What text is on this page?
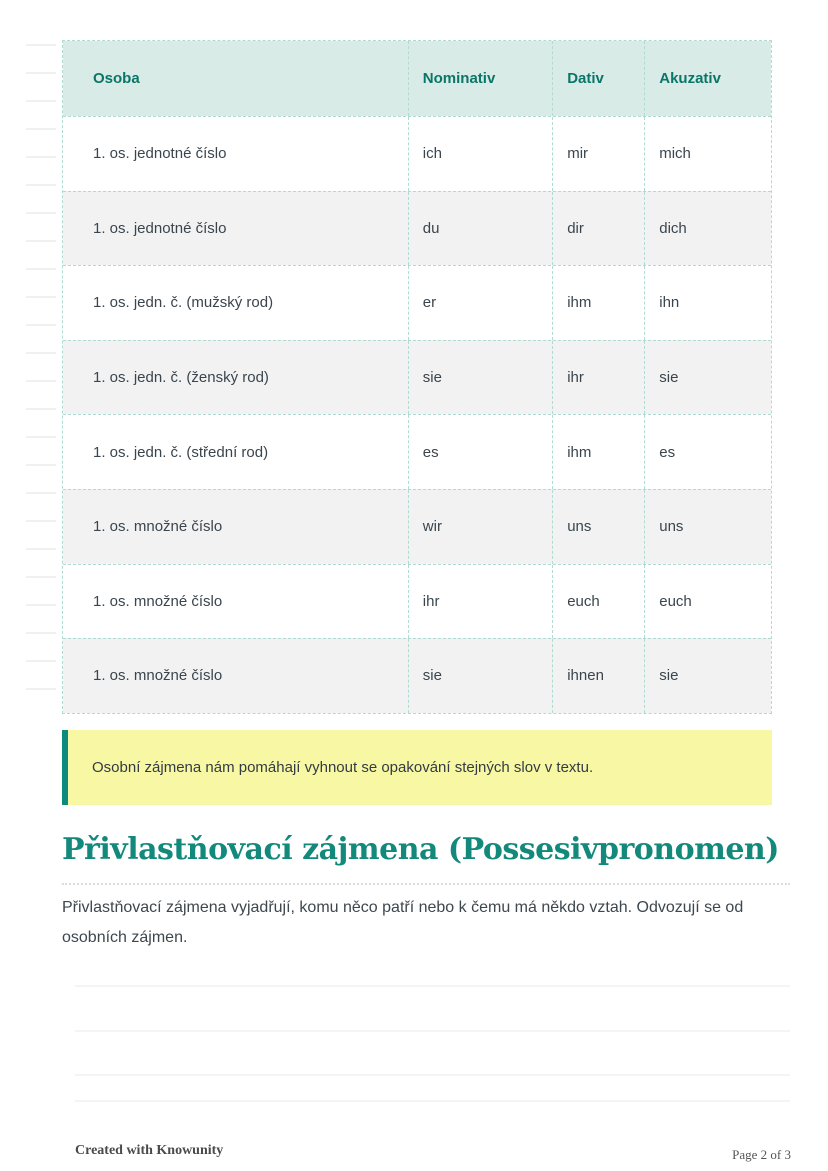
Osoba	Nominativ	Dativ	Akuzativ
1. os. jednotné číslo	ich	mir	mich
1. os. jednotné číslo	du	dir	dich
1. os. jedn. č. (mužský rod)	er	ihm	ihn
1. os. jedn. č. (ženský rod)	sie	ihr	sie
1. os. jedn. č. (střední rod)	es	ihm	es
1. os. množné číslo	wir	uns	uns
1. os. množné číslo	ihr	euch	euch
1. os. množné číslo	sie	ihnen	sie
Osobní zájmena nám pomáhají vyhnout se opakování stejných slov v textu.
Přivlastňovací zájmena (Possesivpronomen)
Přivlastňovací zájmena vyjadřují, komu něco patří nebo k čemu má někdo vztah. Odvozují se od osobních zájmen.
Created with Knowunity	Page 2 of 3
